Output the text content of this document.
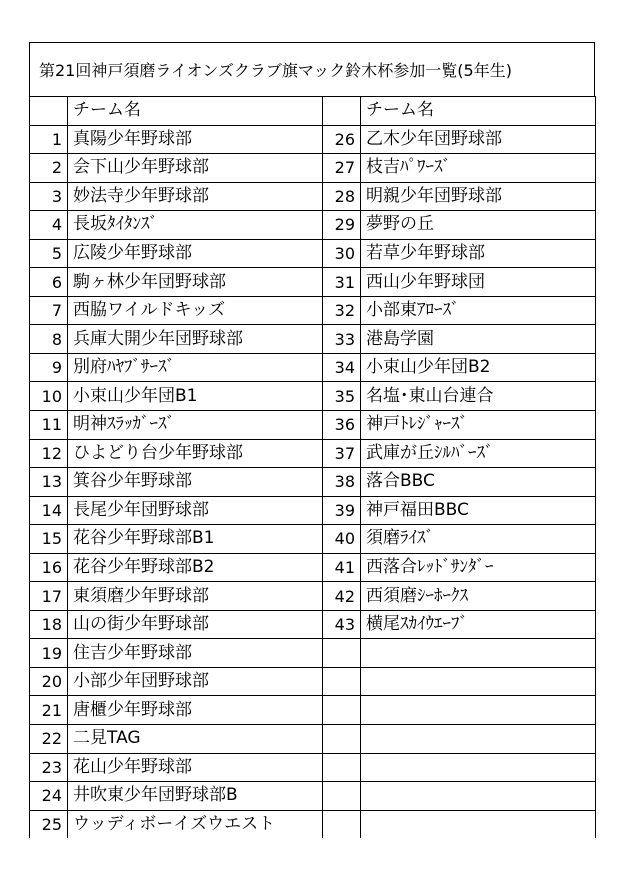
第21回神戸須磨ライオンズクラブ旗マック鈴木杯参加一覧(5年生)
	チーム名		チーム名
1	真陽少年野球部	26	乙木少年団野球部
2	会下山少年野球部	27	枝吉ﾊﾟﾜｰｽﾞ
3	妙法寺少年野球部	28	明親少年団野球部
4	長坂ﾀｲﾀﾝｽﾞ	29	夢野の丘
5	広陵少年野球部	30	若草少年野球部
6	駒ヶ林少年団野球部	31	西山少年野球団
7	西脇ワイルドキッズ	32	小部東ｱﾛｰｽﾞ
8	兵庫大開少年団野球部	33	港島学園
9	別府ﾊﾔﾌﾞｻｰｽﾞ	34	小束山少年団B2
10	小束山少年団B1	35	名塩･東山台連合
11	明神ｽﾗｯｶﾞｰｽﾞ	36	神戸ﾄﾚｼﾞｬｰｽﾞ
12	ひよどり台少年野球部	37	武庫が丘ｼﾙﾊﾞｰｽﾞ
13	箕谷少年野球部	38	落合BBC
14	長尾少年団野球部	39	神戸福田BBC
15	花谷少年野球部B1	40	須磨ﾗｲｽﾞ
16	花谷少年野球部B2	41	西落合ﾚｯﾄﾞｻﾝﾀﾞｰ
17	東須磨少年野球部	42	西須磨ｼｰﾎｰｸｽ
18	山の街少年野球部	43	横尾ｽｶｲｳｴｰﾌﾞ
19	住吉少年野球部		
20	小部少年団野球部		
21	唐櫃少年野球部		
22	二見TAG		
23	花山少年野球部		
24	井吹東少年団野球部B		
25	ウッディボーイズウエスト		
